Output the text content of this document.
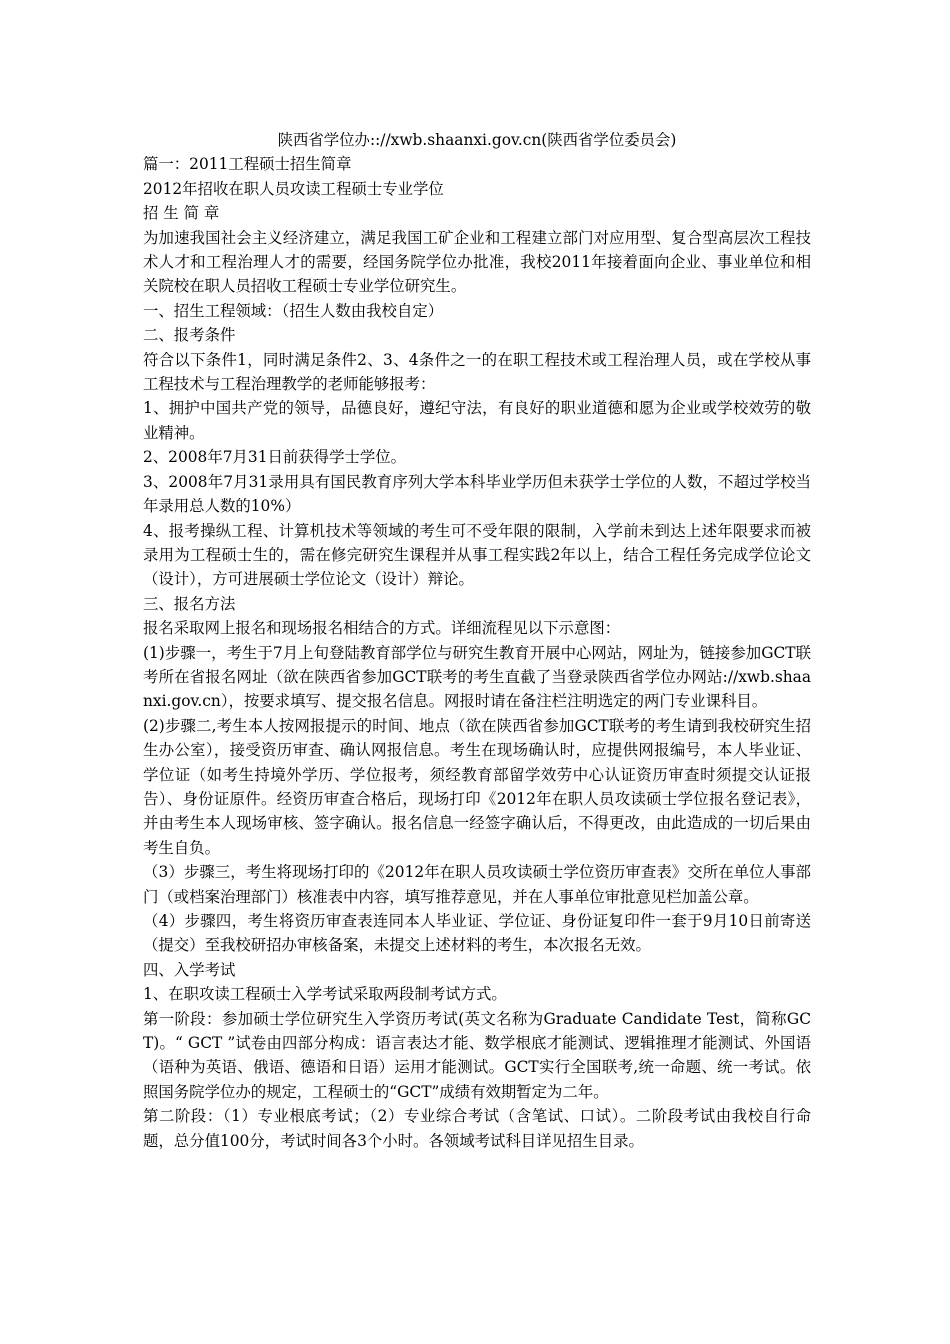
陕西省学位办:://xwb.shaanxi.gov.cn(陕西省学位委员会)
篇一：2011工程硕士招生简章
2012年招收在职人员攻读工程硕士专业学位
招 生 简 章
为加速我国社会主义经济建立，满足我国工矿企业和工程建立部门对应用型、复合型高层次工程技术人才和工程治理人才的需要，经国务院学位办批准，我校2011年接着面向企业、事业单位和相关院校在职人员招收工程硕士专业学位研究生。
一、招生工程领域：（招生人数由我校自定）
二、报考条件
符合以下条件1，同时满足条件2、3、4条件之一的在职工程技术或工程治理人员，或在学校从事工程技术与工程治理教学的老师能够报考：
1、拥护中国共产党的领导，品德良好，遵纪守法，有良好的职业道德和愿为企业或学校效劳的敬业精神。
2、2008年7月31日前获得学士学位。
3、2008年7月31录用具有国民教育序列大学本科毕业学历但未获学士学位的人数，不超过学校当年录用总人数的10%）
4、报考操纵工程、计算机技术等领域的考生可不受年限的限制，入学前未到达上述年限要求而被录用为工程硕士生的，需在修完研究生课程并从事工程实践2年以上，结合工程任务完成学位论文（设计），方可进展硕士学位论文（设计）辩论。
三、报名方法
报名采取网上报名和现场报名相结合的方式。详细流程见以下示意图：
(1)步骤一，考生于7月上旬登陆教育部学位与研究生教育开展中心网站，网址为，链接参加GCT联考所在省报名网址（欲在陕西省参加GCT联考的考生直截了当登录陕西省学位办网站://xwb.shaanxi.gov.cn），按要求填写、提交报名信息。网报时请在备注栏注明选定的两门专业课科目。
(2)步骤二,考生本人按网报提示的时间、地点（欲在陕西省参加GCT联考的考生请到我校研究生招生办公室），接受资历审查、确认网报信息。考生在现场确认时，应提供网报编号，本人毕业证、学位证（如考生持境外学历、学位报考，须经教育部留学效劳中心认证资历审查时须提交认证报告）、身份证原件。经资历审查合格后，现场打印《2012年在职人员攻读硕士学位报名登记表》，并由考生本人现场审核、签字确认。报名信息一经签字确认后，不得更改，由此造成的一切后果由考生自负。
（3）步骤三，考生将现场打印的《2012年在职人员攻读硕士学位资历审查表》交所在单位人事部门（或档案治理部门）核准表中内容，填写推荐意见，并在人事单位审批意见栏加盖公章。
（4）步骤四，考生将资历审查表连同本人毕业证、学位证、身份证复印件一套于9月10日前寄送（提交）至我校研招办审核备案，未提交上述材料的考生，本次报名无效。
四、入学考试
1、在职攻读工程硕士入学考试采取两段制考试方式。
第一阶段：参加硕士学位研究生入学资历考试(英文名称为Graduate Candidate Test，简称GCT)。“ GCT ”试卷由四部分构成：语言表达才能、数学根底才能测试、逻辑推理才能测试、外国语（语种为英语、俄语、德语和日语）运用才能测试。GCT实行全国联考,统一命题、统一考试。依照国务院学位办的规定，工程硕士的“GCT”成绩有效期暂定为二年。
第二阶段：（1）专业根底考试；（2）专业综合考试（含笔试、口试）。二阶段考试由我校自行命题，总分值100分，考试时间各3个小时。各领域考试科目详见招生目录。
